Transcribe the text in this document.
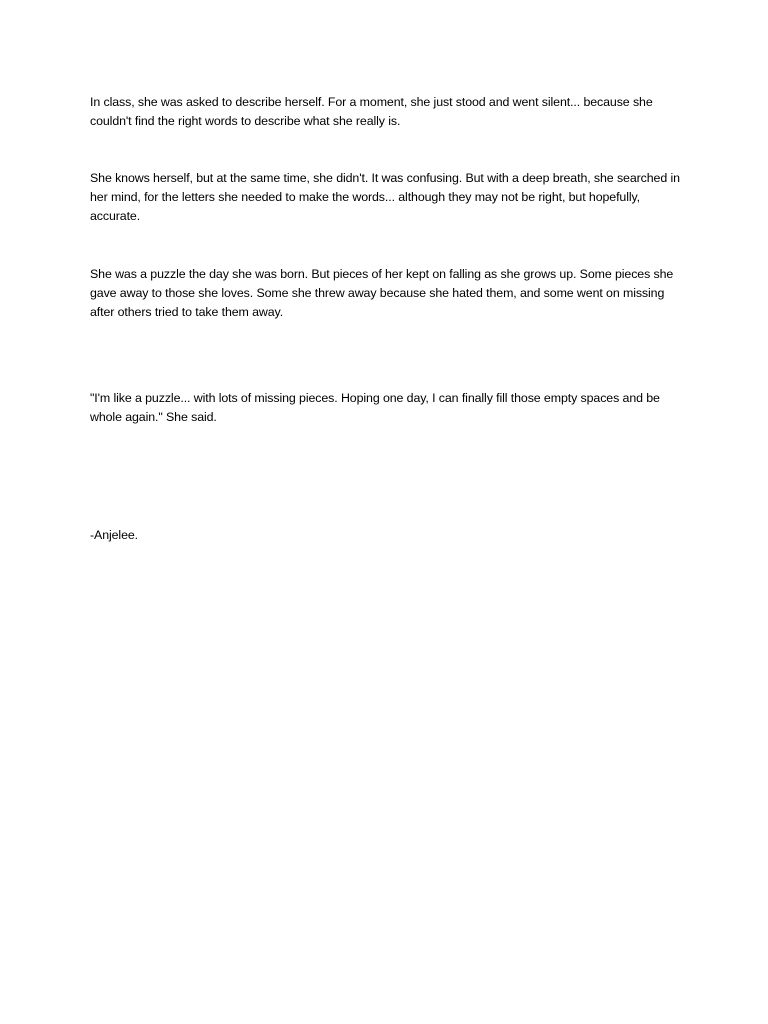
In class, she was asked to describe herself. For a moment, she just stood and went silent... because she couldn't find the right words to describe what she really is.

She knows herself, but at the same time, she didn't. It was confusing. But with a deep breath, she searched in her mind, for the letters she needed to make the words... although they may not be right, but hopefully, accurate.

She was a puzzle the day she was born. But pieces of her kept on falling as she grows up. Some pieces she gave away to those she loves. Some she threw away because she hated them, and some went on missing after others tried to take them away.

"I'm like a puzzle... with lots of missing pieces. Hoping one day, I can finally fill those empty spaces and be whole again." She said.

-Anjelee.
